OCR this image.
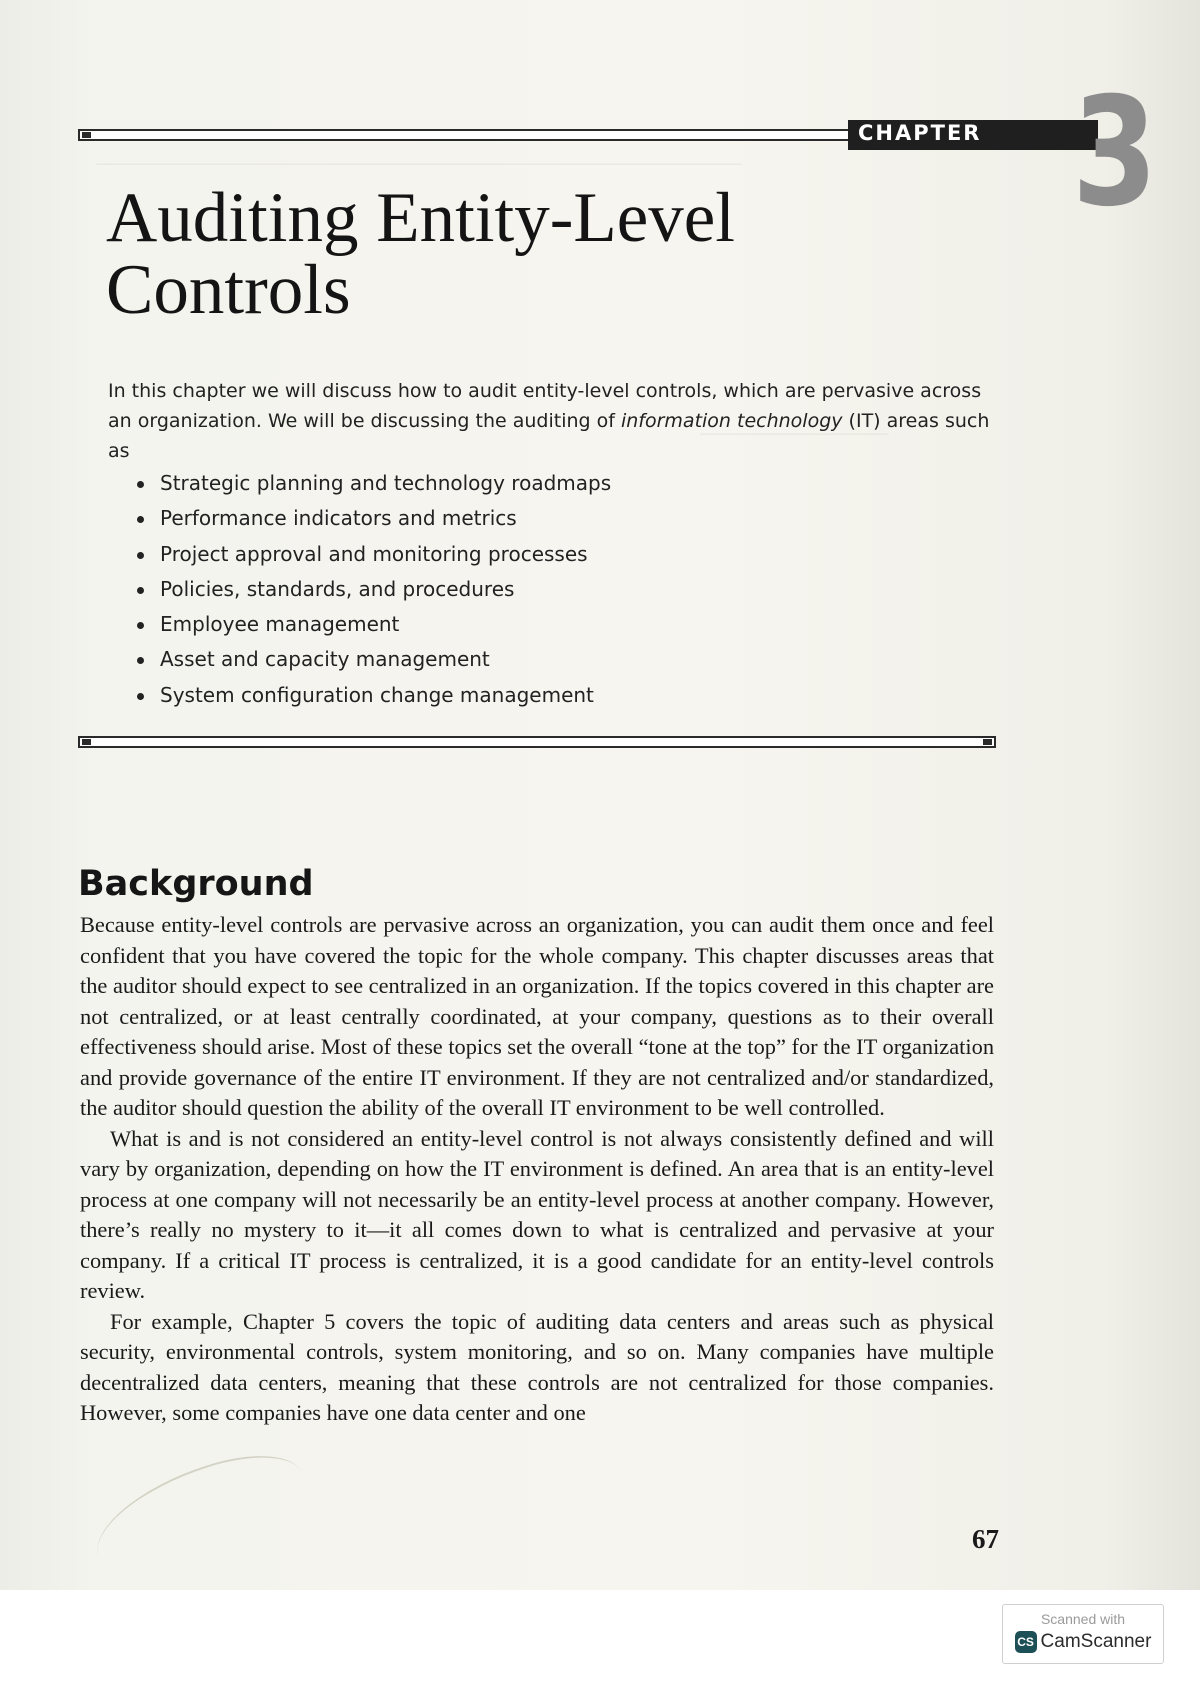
────────────────────────────────────────────────
──────────────
CHAPTER 3
Auditing Entity-Level
Controls

In this chapter we will discuss how to audit entity-level controls, which are pervasive across an organization. We will be discussing the auditing of information technology (IT) areas such as

Strategic planning and technology roadmaps
Performance indicators and metrics
Project approval and monitoring processes
Policies, standards, and procedures
Employee management
Asset and capacity management
System configuration change management
Background

Because entity-level controls are pervasive across an organization, you can audit them once and feel confident that you have covered the topic for the whole company. This chapter discusses areas that the auditor should expect to see centralized in an organization. If the topics covered in this chapter are not centralized, or at least centrally coordinated, at your company, questions as to their overall effectiveness should arise. Most of these topics set the overall “tone at the top” for the IT organization and provide governance of the entire IT environment. If they are not centralized and/or standardized, the auditor should question the ability of the overall IT environment to be well controlled.

What is and is not considered an entity-level control is not always consistently defined and will vary by organization, depending on how the IT environment is defined. An area that is an entity-level process at one company will not necessarily be an entity-level process at another company. However, there’s really no mystery to it—it all comes down to what is centralized and pervasive at your company. If a critical IT process is centralized, it is a good candidate for an entity-level controls review.

For example, Chapter 5 covers the topic of auditing data centers and areas such as physical security, environmental controls, system monitoring, and so on. Many companies have multiple decentralized data centers, meaning that these controls are not centralized for those companies. However, some companies have one data center and one

67
Scanned with
CS CamScanner
